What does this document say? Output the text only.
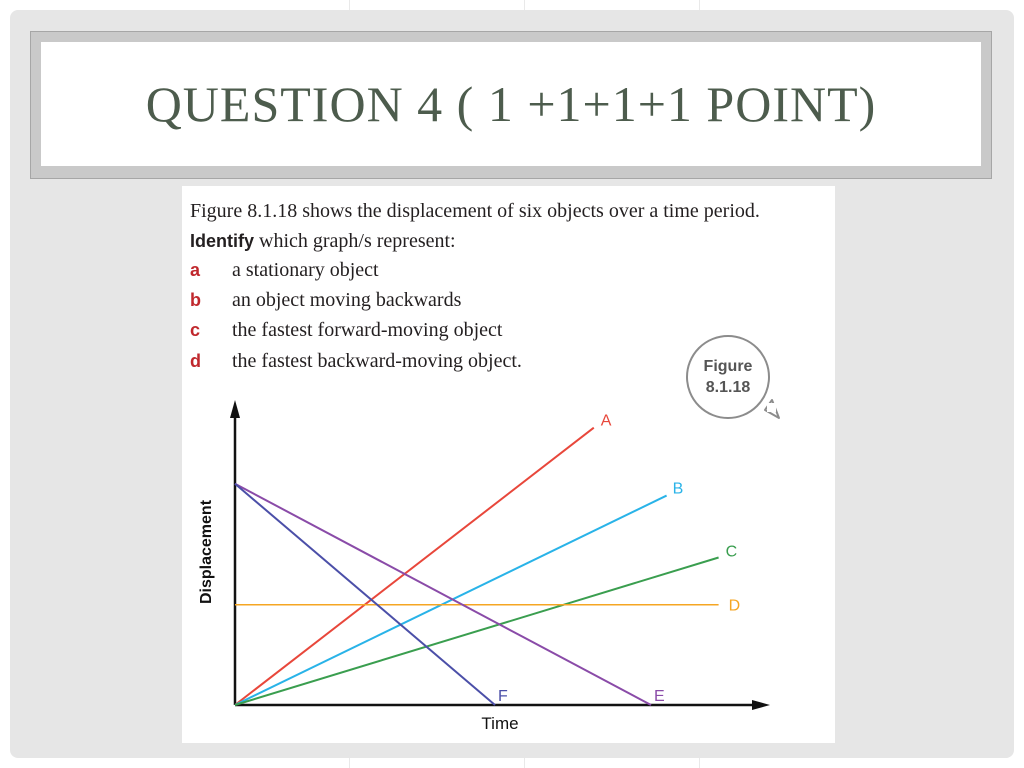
QUESTION 4 ( 1 +1+1+1 POINT)
Figure 8.1.18 shows the displacement of six objects over a time period. Identify which graph/s represent:
a a stationary object
b an object moving backwards
c the fastest forward-moving object
d the fastest backward-moving object.	Figure
8.1.18
Time
Displacement
A
B
C
D
E
F
